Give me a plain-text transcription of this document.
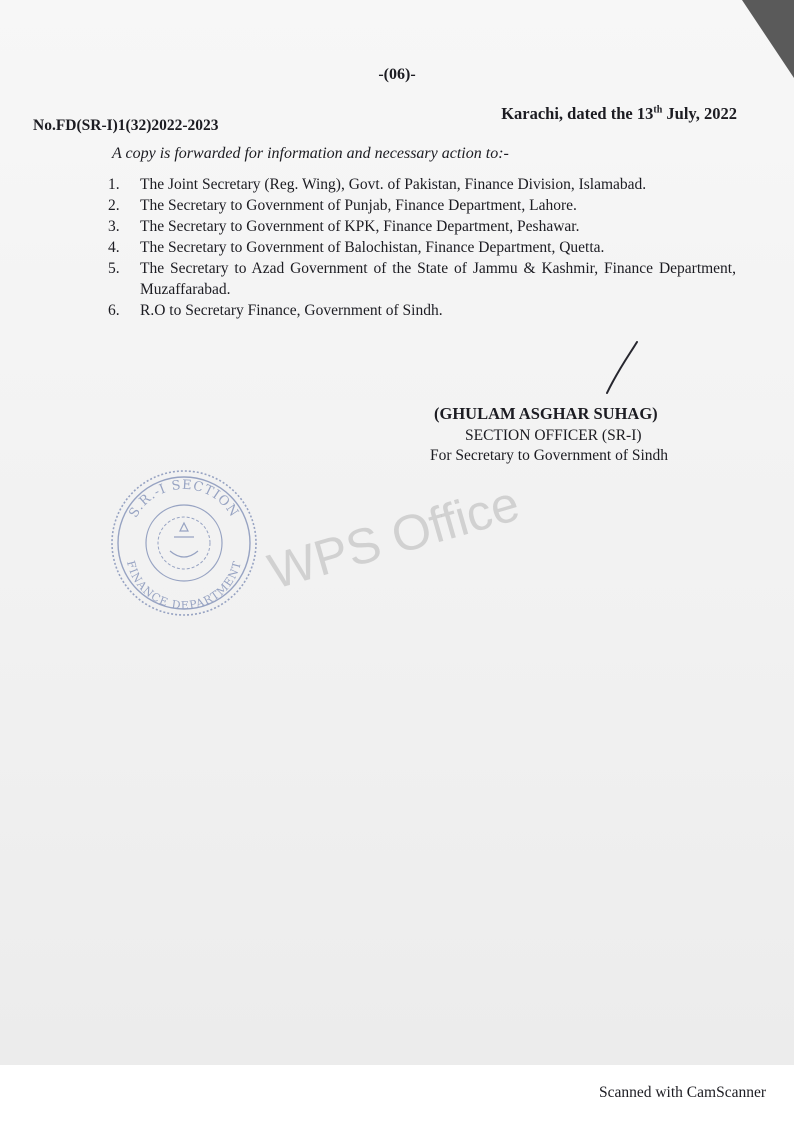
-(06)-
No.FD(SR-I)1(32)2022-2023
Karachi, dated the 13th July, 2022
A copy is forwarded for information and necessary action to:-
1.	The Joint Secretary (Reg. Wing), Govt. of Pakistan, Finance Division, Islamabad.
2.	The Secretary to Government of Punjab, Finance Department, Lahore.
3.	The Secretary to Government of KPK, Finance Department, Peshawar.
4.	The Secretary to Government of Balochistan, Finance Department, Quetta.
5.	The Secretary to Azad Government of the State of Jammu & Kashmir, Finance Department, Muzaffarabad.
6.	R.O to Secretary Finance, Government of Sindh.
(GHULAM ASGHAR SUHAG)
SECTION OFFICER (SR-I)
For Secretary to Government of Sindh
S.R.-I SECTION
FINANCE DEPARTMENT WPS Office
Scanned with CamScanner
